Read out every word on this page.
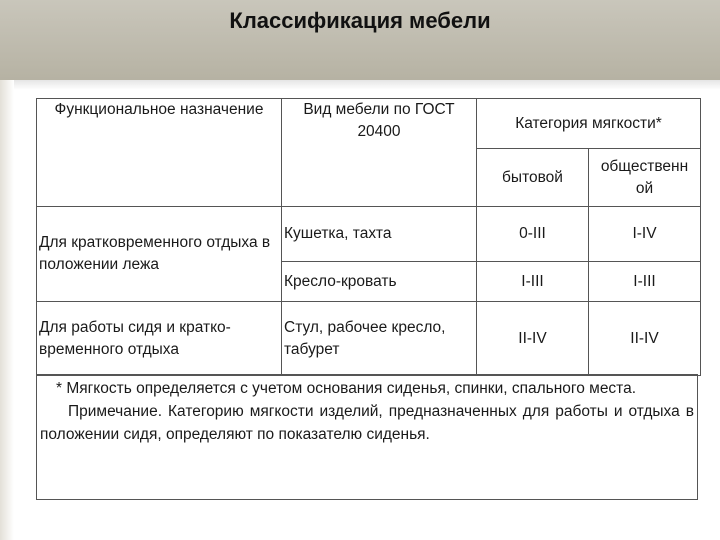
Классификация мебели
Функциональное назначение	Вид мебели по ГОСТ 20400	Категория мягкости*	
		бытовой	общественн ой
Для кратковременного отдыха в положении лежа	Кушетка, тахта	0-III	I-IV
	Кресло-кровать	I-III	I-III
Для работы сидя и кратко-временного отдыха	Стул, рабочее кресло, табурет	II-IV	II-IV

* Мягкость определяется с учетом основания сиденья, спинки, спального места.

Примечание. Категорию мягкости изделий, предназначенных для работы и отдыха в положении сидя, определяют по показателю сиденья.
